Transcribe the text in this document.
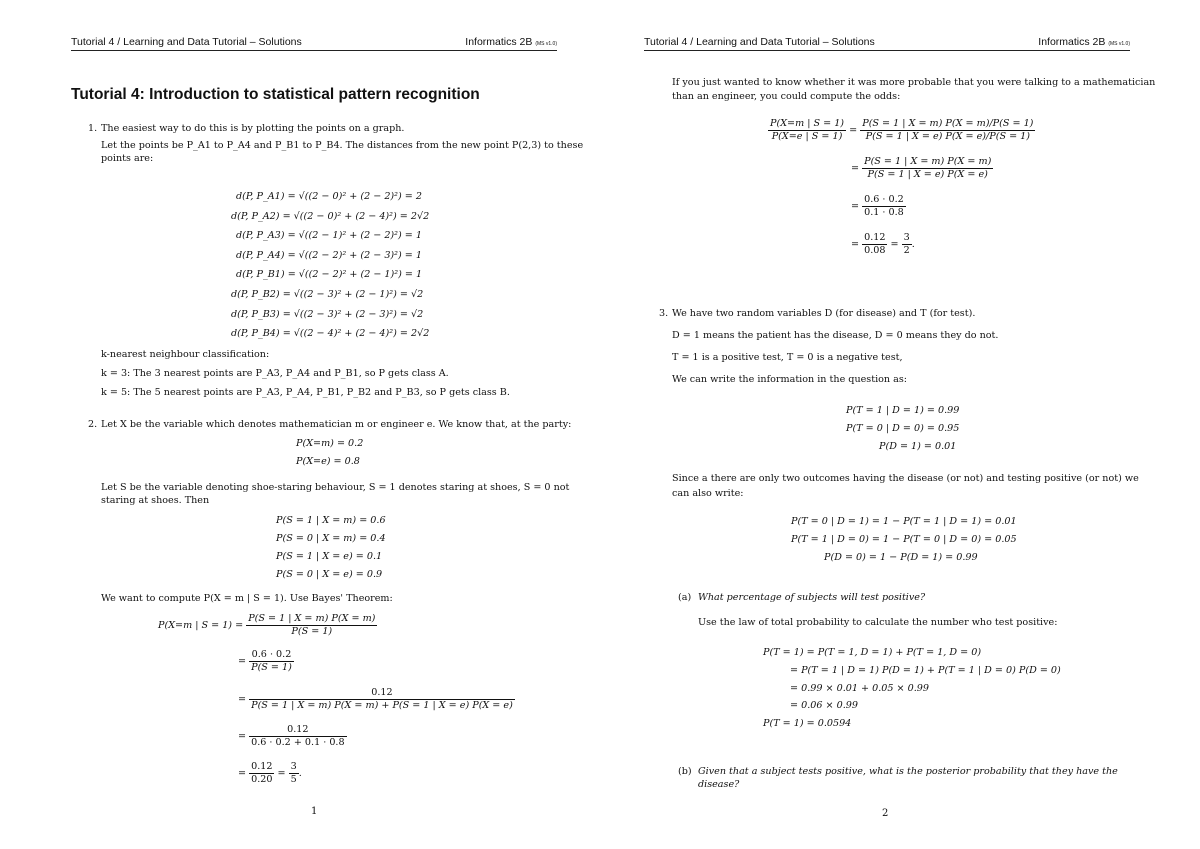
Tutorial 4 / Learning and Data Tutorial – Solutions	Informatics 2B (MS v1.0)
Tutorial 4: Introduction to statistical pattern recognition
1. The easiest way to do this is by plotting the points on a graph.
Let the points be P_A1 to P_A4 and P_B1 to P_B4. The distances from the new point P(2,3) to these
points are:
d(P, P_A1) = √((2 − 0)² + (2 − 2)²) = 2
d(P, P_A2) = √((2 − 0)² + (2 − 4)²) = 2√2
d(P, P_A3) = √((2 − 1)² + (2 − 2)²) = 1
d(P, P_A4) = √((2 − 2)² + (2 − 3)²) = 1
d(P, P_B1) = √((2 − 2)² + (2 − 1)²) = 1
d(P, P_B2) = √((2 − 3)² + (2 − 1)²) = √2
d(P, P_B3) = √((2 − 3)² + (2 − 3)²) = √2
d(P, P_B4) = √((2 − 4)² + (2 − 4)²) = 2√2
k-nearest neighbour classification:
k = 3: The 3 nearest points are P_A3, P_A4 and P_B1, so P gets class A.
k = 5: The 5 nearest points are P_A3, P_A4, P_B1, P_B2 and P_B3, so P gets class B.
2. Let X be the variable which denotes mathematician m or engineer e. We know that, at the party:
P(X=m) = 0.2
P(X=e) = 0.8
Let S be the variable denoting shoe-staring behaviour, S = 1 denotes staring at shoes, S = 0 not
staring at shoes. Then
P(S = 1 | X = m) = 0.6
P(S = 0 | X = m) = 0.4
P(S = 1 | X = e) = 0.1
P(S = 0 | X = e) = 0.9
We want to compute P(X = m | S = 1). Use Bayes' Theorem:
P(X=m | $S = 1) = \frac{P(S = 1 | X = m) P(X = m)}{P(S = 1)}$
= $\frac{0.6 \cdot 0.2}{P(S = 1)}$
= $\frac{0.12}{P(S = 1 | X = m) P(X = m) + P(S = 1 | X = e) P(X = e)}$
= $\frac{0.12}{0.6 \cdot 0.2 + 0.1 \cdot 0.8}$
= $\frac{0.12}{0.20} = \frac{3}{5}$ .
1
Tutorial 4 / Learning and Data Tutorial – Solutions	Informatics 2B (MS v1.0)
If you just wanted to know whether it was more probable that you were talking to a mathematician
than an engineer, you could compute the odds:
$\frac{P(X=m | S = 1)}{P(X=e | S = 1)} = \frac{P(S = 1 | X = m) P(X = m)/P(S = 1)}{P(S = 1 | X = e) P(X = e)/P(S = 1)}$
= $\frac{P(S = 1 | X = m) P(X = m)}{P(S = 1 | X = e) P(X = e)}$
= $\frac{0.6 \cdot 0.2}{0.1 \cdot 0.8}$
= $\frac{0.12}{0.08} = \frac{3}{2}$ .
3. We have two random variables D (for disease) and T (for test).
D = 1 means the patient has the disease, D = 0 means they do not.
T = 1 is a positive test, T = 0 is a negative test,
We can write the information in the question as:
P(T = 1 | D = 1) = 0.99
P(T = 0 | D = 0) = 0.95
P(D = 1) = 0.01
Since a there are only two outcomes having the disease (or not) and testing positive (or not) we
can also write:
P(T = 0 | D = 1) = 1 − P(T = 1 | D = 1) = 0.01
P(T = 1 | D = 0) = 1 − P(T = 0 | D = 0) = 0.05
P(D = 0) = 1 − P(D = 1) = 0.99
(a) What percentage of subjects will test positive?
Use the law of total probability to calculate the number who test positive:
P(T = 1) = P(T = 1, D = 1) + P(T = 1, D = 0)
= P(T = 1 | D = 1) P(D = 1) + P(T = 1 | D = 0) P(D = 0)
= 0.99 × 0.01 + 0.05 × 0.99
= 0.06 × 0.99
P(T = 1) = 0.0594
(b) Given that a subject tests positive, what is the posterior probability that they have the
disease?
2
